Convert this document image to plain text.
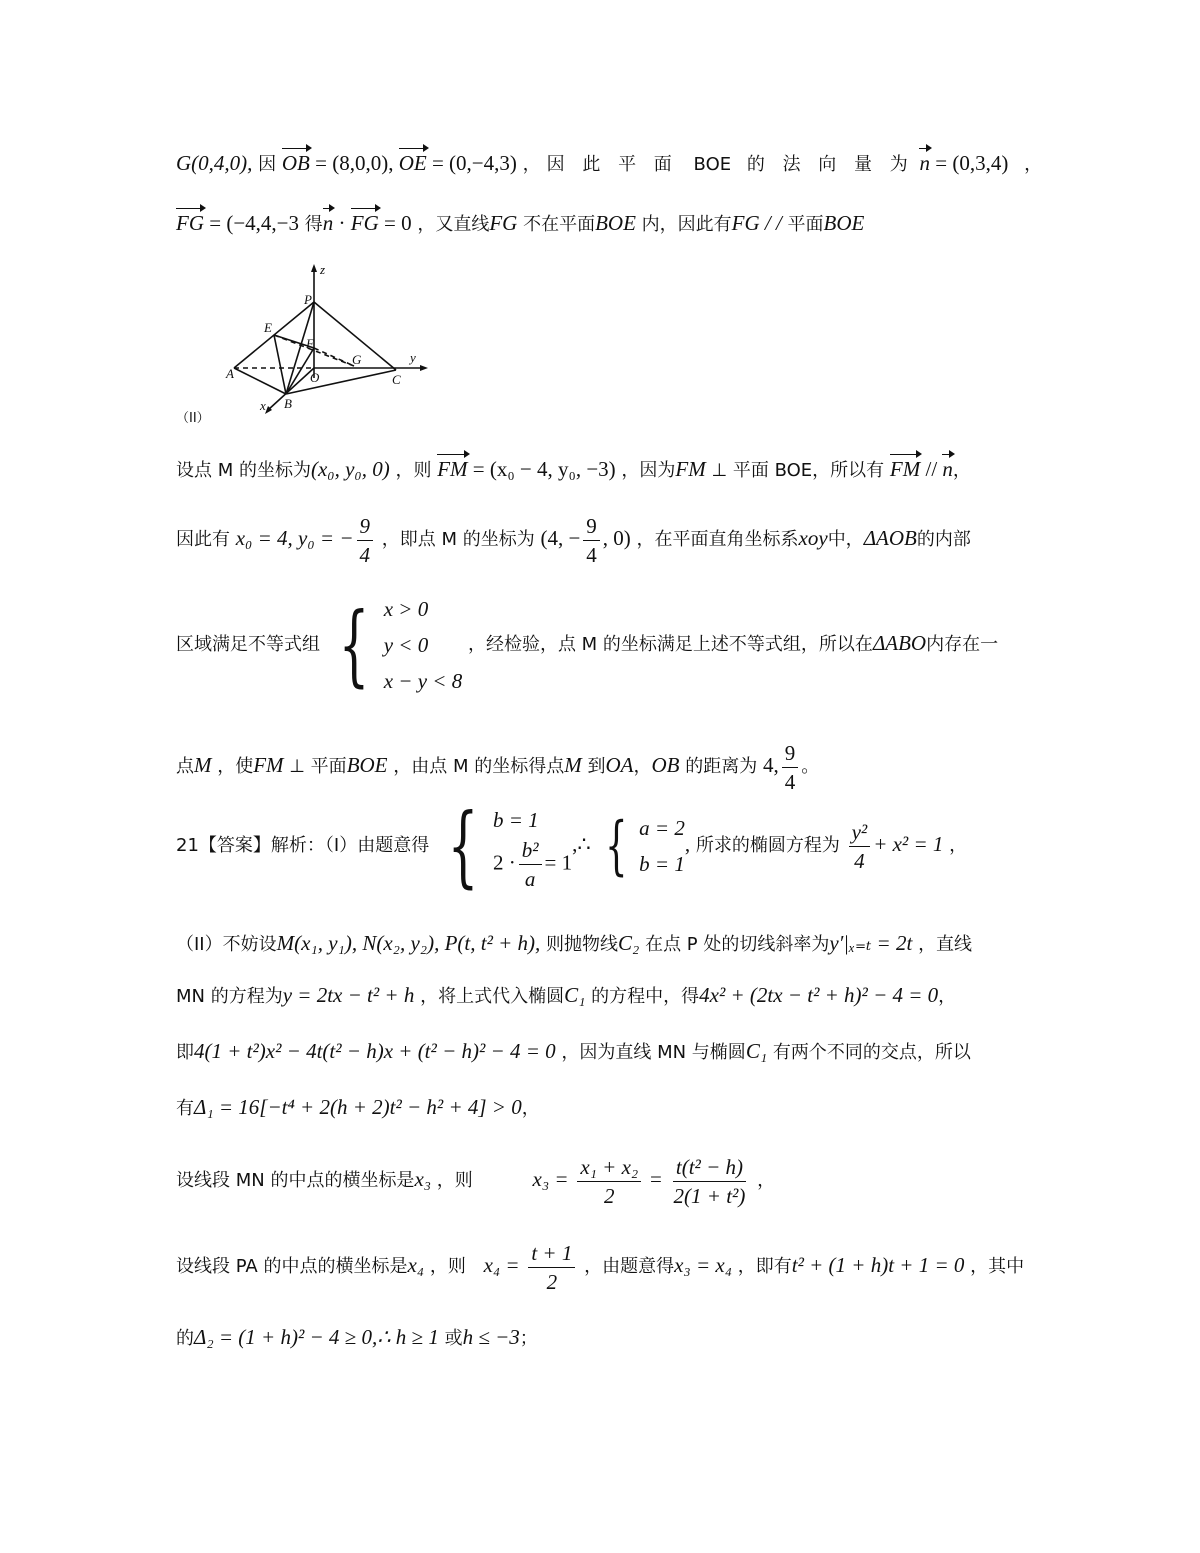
G(0,4,0), 因 OB = (8,0,0), OE = (0,−4,3) ，因 此 平 面 BOE 的 法 向 量 为 n = (0,3,4) ，
FG = (−4,4,−3 得n · FG = 0 ，又直线FG 不在平面BOE 内，因此有FG / / 平面BOE
z
y
x
P
E
F
G
A	O
B
C
（II）
设点 M 的坐标为(x₀, y₀, 0) ，则 FM = (x₀ − 4, y₀, −3) ，因为FM ⊥ 平面 BOE，所以有 FM // n，
因此有 x₀ = 4, y₀ = − $\frac{9}{4}$ ，即点 M 的坐标为 (4, − $\frac{9}{4}$ , 0) ，在平面直角坐标系xoy中，ΔAOB的内部
区域满足不等式组 { x > 0
y < 0
x − y < 8
，经检验，点 M 的坐标满足上述不等式组，所以在ΔABO内存在一
点M ，使FM ⊥ 平面BOE ，由点 M 的坐标得点M 到OA，OB 的距离为 4, $\frac{9}{4}$ 。
21【答案】解析：（I）由题意得 { b = 1
$2 \cdot \frac{\text{b²}}{a} = 1$
,∴ { a = 2
b = 1
, 所求的椭圆方程为 $\frac{\text{y²}}{4} + x^2 = 1$ ，
（II）不妨设M(x₁, y₁), N(x₂, y₂), P(t, t² + h), 则抛物线C₂ 在点 P 处的切线斜率为y′|ₓ₌ₜ = 2t ，直线
MN 的方程为y = 2tx − t² + h ，将上式代入椭圆C₁ 的方程中，得4x² + (2tx − t² + h)² − 4 = 0，
即4(1 + t²)x² − 4t(t² − h)x + (t² − h)² − 4 = 0 ，因为直线 MN 与椭圆C₁ 有两个不同的交点，所以
有Δ₁ = 16[−t⁴ + 2(h + 2)t² − h² + 4] > 0，
设线段 MN 的中点的横坐标是x₃ ，则	$x_3 = \frac{\text{x₁ + x₂}}{2} = \frac{\text{t(t² − h)}}{\text{2(1 + t²)}}$ ，
设线段 PA 的中点的横坐标是x₄ ，则 $x_4 = \frac{t + 1}{2}$ ，由题意得x₃ = x₄ ，即有t² + (1 + h)t + 1 = 0 ，其中
的Δ₂ = (1 + h)² − 4 ≥ 0,∴ h ≥ 1 或h ≤ −3；
